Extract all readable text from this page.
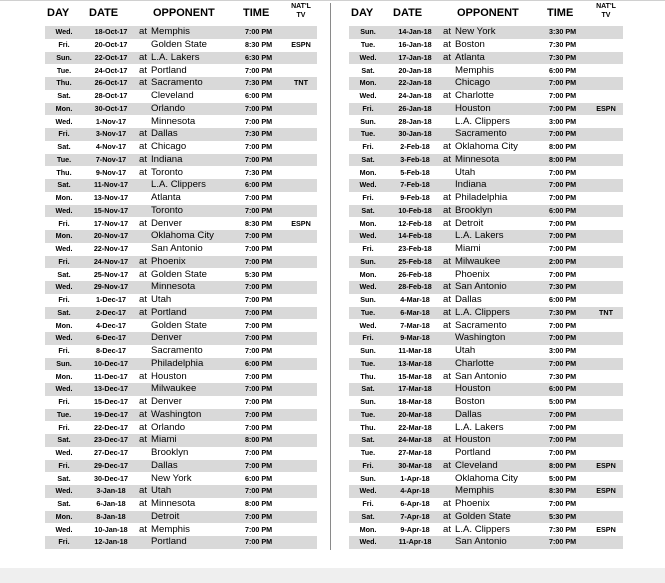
DAY	DATE	OPPONENT	TIME	NAT'L
TV
Wed.	18-Oct-17	at Memphis	7:00 PM	
Fri.	20-Oct-17	Golden State	8:30 PM	ESPN
Sun.	22-Oct-17	at L.A. Lakers	6:30 PM	
Tue.	24-Oct-17	at Portland	7:00 PM	
Thu.	26-Oct-17	at Sacramento	7:30 PM	TNT
Sat.	28-Oct-17	Cleveland	6:00 PM	
Mon.	30-Oct-17	Orlando	7:00 PM	
Wed.	1-Nov-17	Minnesota	7:00 PM	
Fri.	3-Nov-17	at Dallas	7:30 PM	
Sat.	4-Nov-17	at Chicago	7:00 PM	
Tue.	7-Nov-17	at Indiana	7:00 PM	
Thu.	9-Nov-17	at Toronto	7:30 PM	
Sat.	11-Nov-17	L.A. Clippers	6:00 PM	
Mon.	13-Nov-17	Atlanta	7:00 PM	
Wed.	15-Nov-17	Toronto	7:00 PM	
Fri.	17-Nov-17	at Denver	8:30 PM	ESPN
Mon.	20-Nov-17	Oklahoma City	7:00 PM	
Wed.	22-Nov-17	San Antonio	7:00 PM	
Fri.	24-Nov-17	at Phoenix	7:00 PM	
Sat.	25-Nov-17	at Golden State	5:30 PM	
Wed.	29-Nov-17	Minnesota	7:00 PM	
Fri.	1-Dec-17	at Utah	7:00 PM	
Sat.	2-Dec-17	at Portland	7:00 PM	
Mon.	4-Dec-17	Golden State	7:00 PM	
Wed.	6-Dec-17	Denver	7:00 PM	
Fri.	8-Dec-17	Sacramento	7:00 PM	
Sun.	10-Dec-17	Philadelphia	6:00 PM	
Mon.	11-Dec-17	at Houston	7:00 PM	
Wed.	13-Dec-17	Milwaukee	7:00 PM	
Fri.	15-Dec-17	at Denver	7:00 PM	
Tue.	19-Dec-17	at Washington	7:00 PM	
Fri.	22-Dec-17	at Orlando	7:00 PM	
Sat.	23-Dec-17	at Miami	8:00 PM	
Wed.	27-Dec-17	Brooklyn	7:00 PM	
Fri.	29-Dec-17	Dallas	7:00 PM	
Sat.	30-Dec-17	New York	6:00 PM	
Wed.	3-Jan-18	at Utah	7:00 PM	
Sat.	6-Jan-18	at Minnesota	8:00 PM	
Mon.	8-Jan-18	Detroit	7:00 PM	
Wed.	10-Jan-18	at Memphis	7:00 PM	
Fri.	12-Jan-18	Portland	7:00 PM	
DAY	DATE	OPPONENT	TIME	NAT'L
TV
Sun.	14-Jan-18	at New York	3:30 PM	
Tue.	16-Jan-18	at Boston	7:30 PM	
Wed.	17-Jan-18	at Atlanta	7:30 PM	
Sat.	20-Jan-18	Memphis	6:00 PM	
Mon.	22-Jan-18	Chicago	7:00 PM	
Wed.	24-Jan-18	at Charlotte	7:00 PM	
Fri.	26-Jan-18	Houston	7:00 PM	ESPN
Sun.	28-Jan-18	L.A. Clippers	3:00 PM	
Tue.	30-Jan-18	Sacramento	7:00 PM	
Fri.	2-Feb-18	at Oklahoma City	8:00 PM	
Sat.	3-Feb-18	at Minnesota	8:00 PM	
Mon.	5-Feb-18	Utah	7:00 PM	
Wed.	7-Feb-18	Indiana	7:00 PM	
Fri.	9-Feb-18	at Philadelphia	7:00 PM	
Sat.	10-Feb-18	at Brooklyn	6:00 PM	
Mon.	12-Feb-18	at Detroit	7:00 PM	
Wed.	14-Feb-18	L.A. Lakers	7:00 PM	
Fri.	23-Feb-18	Miami	7:00 PM	
Sun.	25-Feb-18	at Milwaukee	2:00 PM	
Mon.	26-Feb-18	Phoenix	7:00 PM	
Wed.	28-Feb-18	at San Antonio	7:30 PM	
Sun.	4-Mar-18	at Dallas	6:00 PM	
Tue.	6-Mar-18	at L.A. Clippers	7:30 PM	TNT
Wed.	7-Mar-18	at Sacramento	7:00 PM	
Fri.	9-Mar-18	Washington	7:00 PM	
Sun.	11-Mar-18	Utah	3:00 PM	
Tue.	13-Mar-18	Charlotte	7:00 PM	
Thu.	15-Mar-18	at San Antonio	7:30 PM	
Sat.	17-Mar-18	Houston	6:00 PM	
Sun.	18-Mar-18	Boston	5:00 PM	
Tue.	20-Mar-18	Dallas	7:00 PM	
Thu.	22-Mar-18	L.A. Lakers	7:00 PM	
Sat.	24-Mar-18	at Houston	7:00 PM	
Tue.	27-Mar-18	Portland	7:00 PM	
Fri.	30-Mar-18	at Cleveland	8:00 PM	ESPN
Sun.	1-Apr-18	Oklahoma City	5:00 PM	
Wed.	4-Apr-18	Memphis	8:30 PM	ESPN
Fri.	6-Apr-18	at Phoenix	7:00 PM	
Sat.	7-Apr-18	at Golden State	5:30 PM	
Mon.	9-Apr-18	at L.A. Clippers	7:30 PM	ESPN
Wed.	11-Apr-18	San Antonio	7:00 PM	
